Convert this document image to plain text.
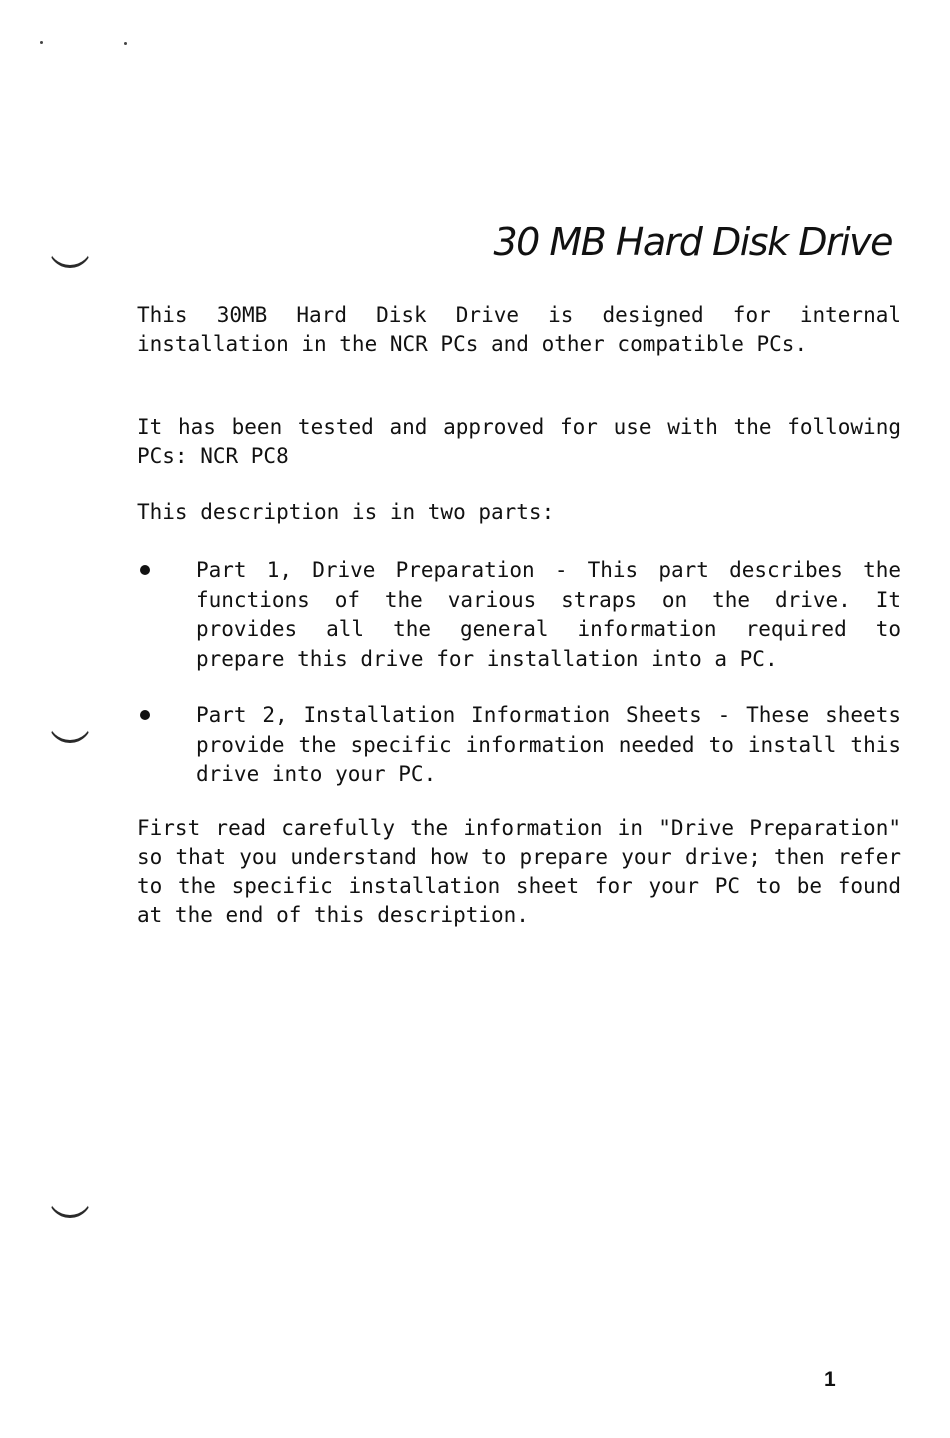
30 MB Hard Disk Drive

This 30MB Hard Disk Drive is designed for internal installation in the NCR PCs and other compatible PCs.

It has been tested and approved for use with the following PCs: NCR PC8

This description is in two parts:

Part 1, Drive Preparation - This part describes the functions of the various straps on the drive. It provides all the general information required to prepare this drive for installation into a PC.

Part 2, Installation Information Sheets - These sheets provide the specific information needed to install this drive into your PC.

First read carefully the information in "Drive Preparation" so that you understand how to prepare your drive; then refer to the specific installation sheet for your PC to be found at the end of this description.

1
